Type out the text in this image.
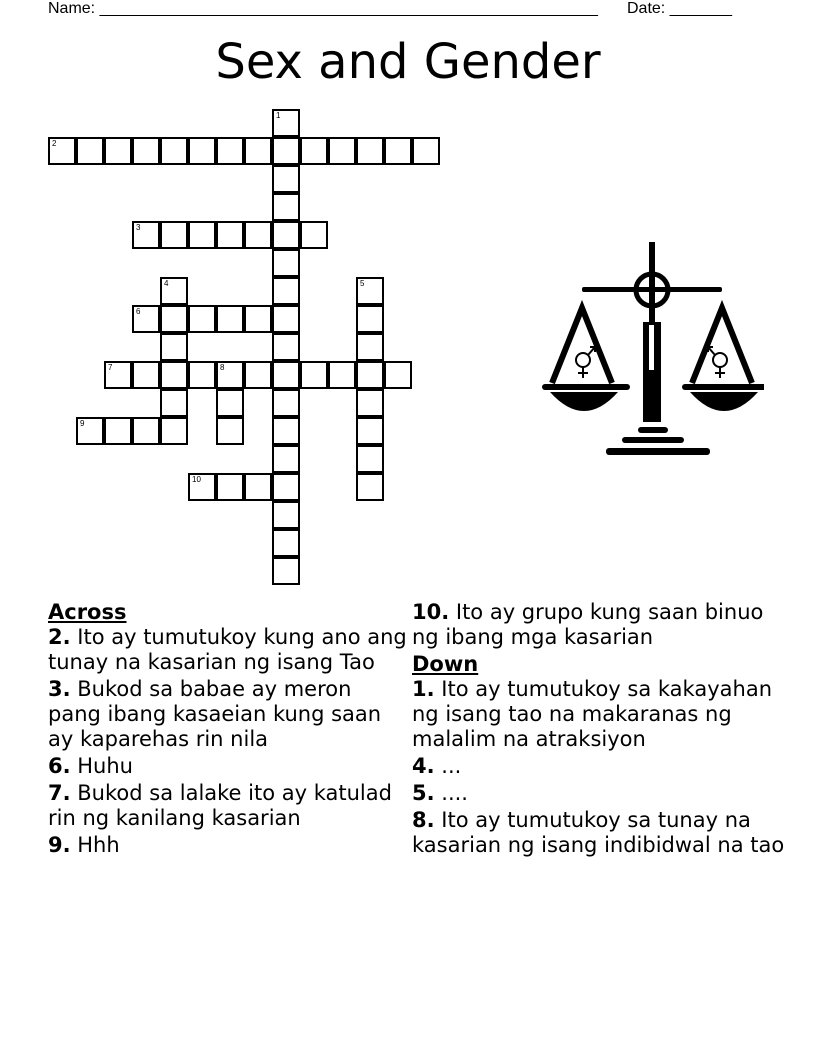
Name: ________________________________________________________ Date: _______
Sex and Gender
1
2
3
4	5
6
7	8
9
10
Across
2. Ito ay tumutukoy kung ano ang tunay na kasarian ng isang Tao
3. Bukod sa babae ay meron pang ibang kasaeian kung saan ay kaparehas rin nila
6. Huhu
7. Bukod sa lalake ito ay katulad rin ng kanilang kasarian
9. Hhh
10. Ito ay grupo kung saan binuo ng ibang mga kasarian
Down
1. Ito ay tumutukoy sa kakayahan ng isang tao na makaranas ng malalim na atraksiyon
4. ...
5. ....
8. Ito ay tumutukoy sa tunay na kasarian ng isang indibidwal na tao
